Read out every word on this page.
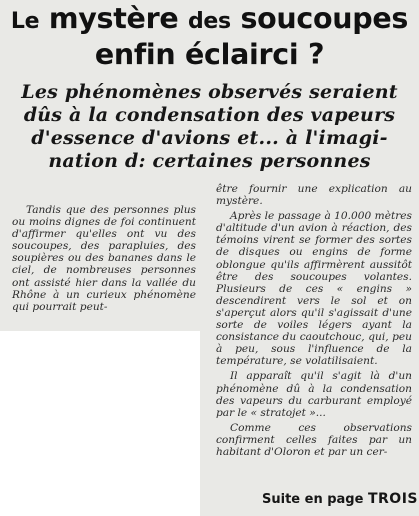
Le mystère des soucoupes
enfin éclairci ?
Les phénomènes observés seraient
dûs à la condensation des vapeurs
d'essence d'avions et... à l'imagi-
nation d: certaines personnes

Tandis que des personnes plus ou moins dignes de foi continuent d'affirmer qu'elles ont vu des soucoupes, des parapluies, des soupières ou des bananes dans le ciel, de nombreuses personnes ont assisté hier dans la vallée du Rhône à un curieux phénomène qui pourrait peut-

être fournir une explication au mystère.

Après le passage à 10.000 mètres d'altitude d'un avion à réaction, des témoins virent se former des sortes de disques ou engins de forme oblongue qu'ils affirmèrent aussitôt être des soucoupes volantes. Plusieurs de ces « engins » descendirent vers le sol et on s'aperçut alors qu'il s'agissait d'une sorte de voiles légers ayant la consistance du caoutchouc, qui, peu à peu, sous l'influence de la température, se volatilisaient.

Il apparaît qu'il s'agit là d'un phénomène dû à la condensation des vapeurs du carburant employé par le « stratojet »...

Comme ces observations confirment celles faites par un habitant d'Oloron et par un cer-

Suite en page TROIS
